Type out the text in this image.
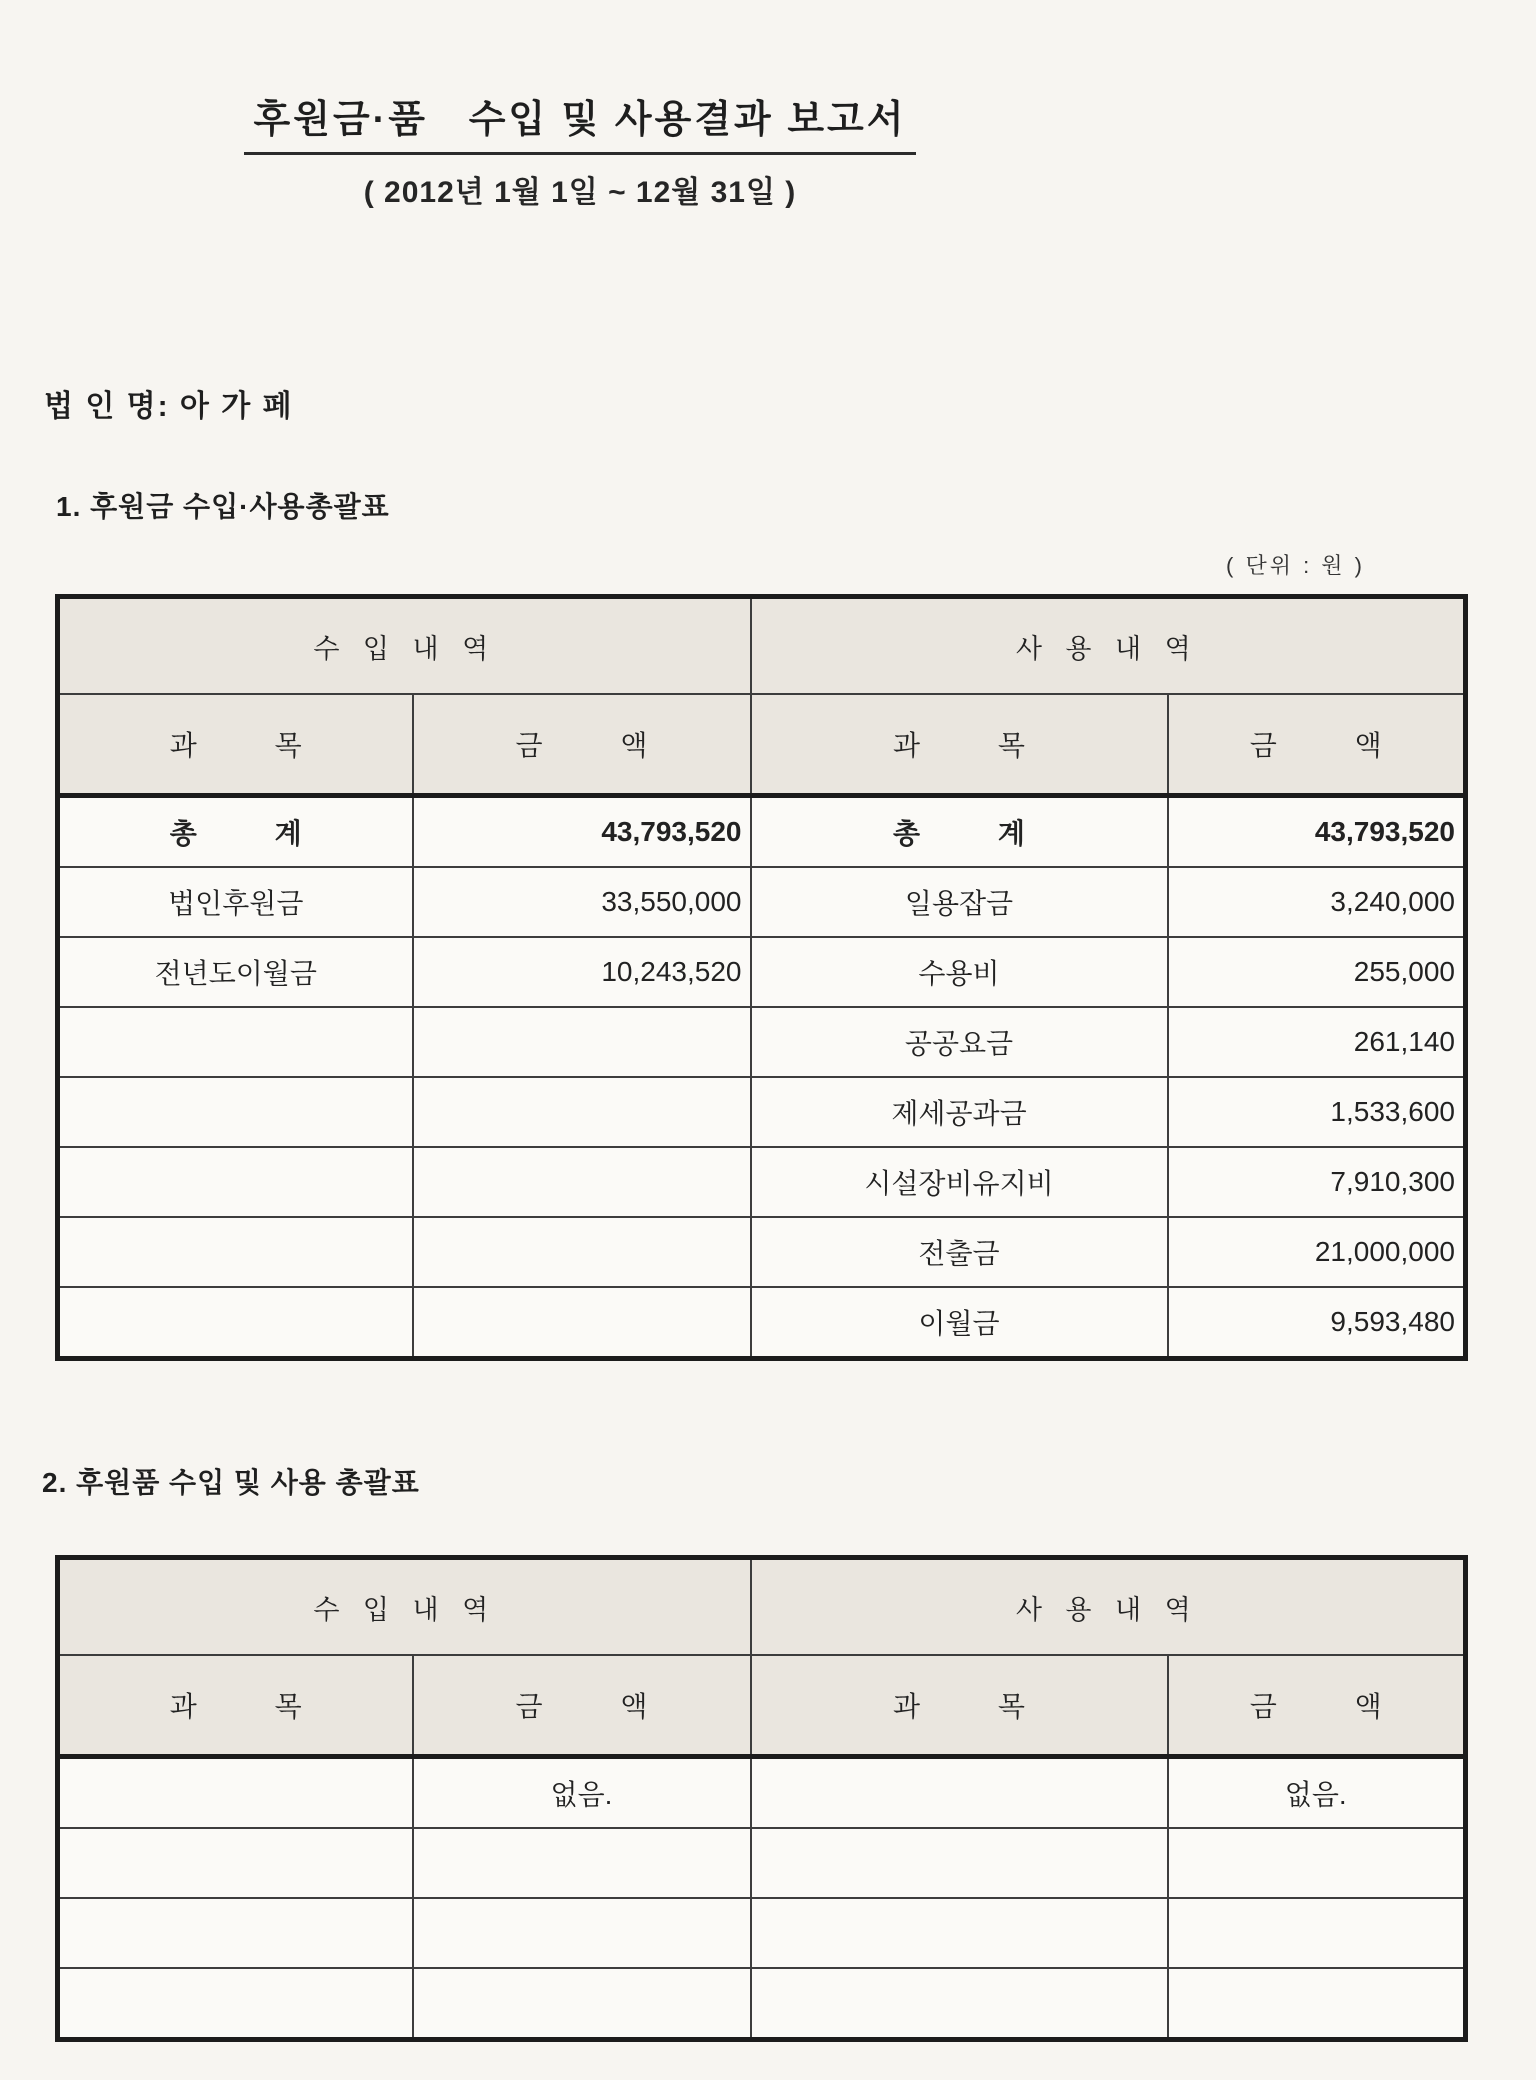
후원금·품   수입 및 사용결과 보고서
( 2012년 1월 1일 ~ 12월 31일 )
법 인 명: 아 가 페
1. 후원금 수입·사용총괄표
( 단위 : 원 )
수 입 내 역		사 용 내 역	
과          목	금          액	과          목	금          액
총          계	43,793,520	총          계	43,793,520
법인후원금	33,550,000	일용잡금	3,240,000
전년도이월금	10,243,520	수용비	255,000
		공공요금	261,140
		제세공과금	1,533,600
		시설장비유지비	7,910,300
		전출금	21,000,000
		이월금	9,593,480
2. 후원품 수입 및 사용 총괄표
수 입 내 역		사 용 내 역	
과          목	금          액	과          목	금          액
	없음.		없음.
